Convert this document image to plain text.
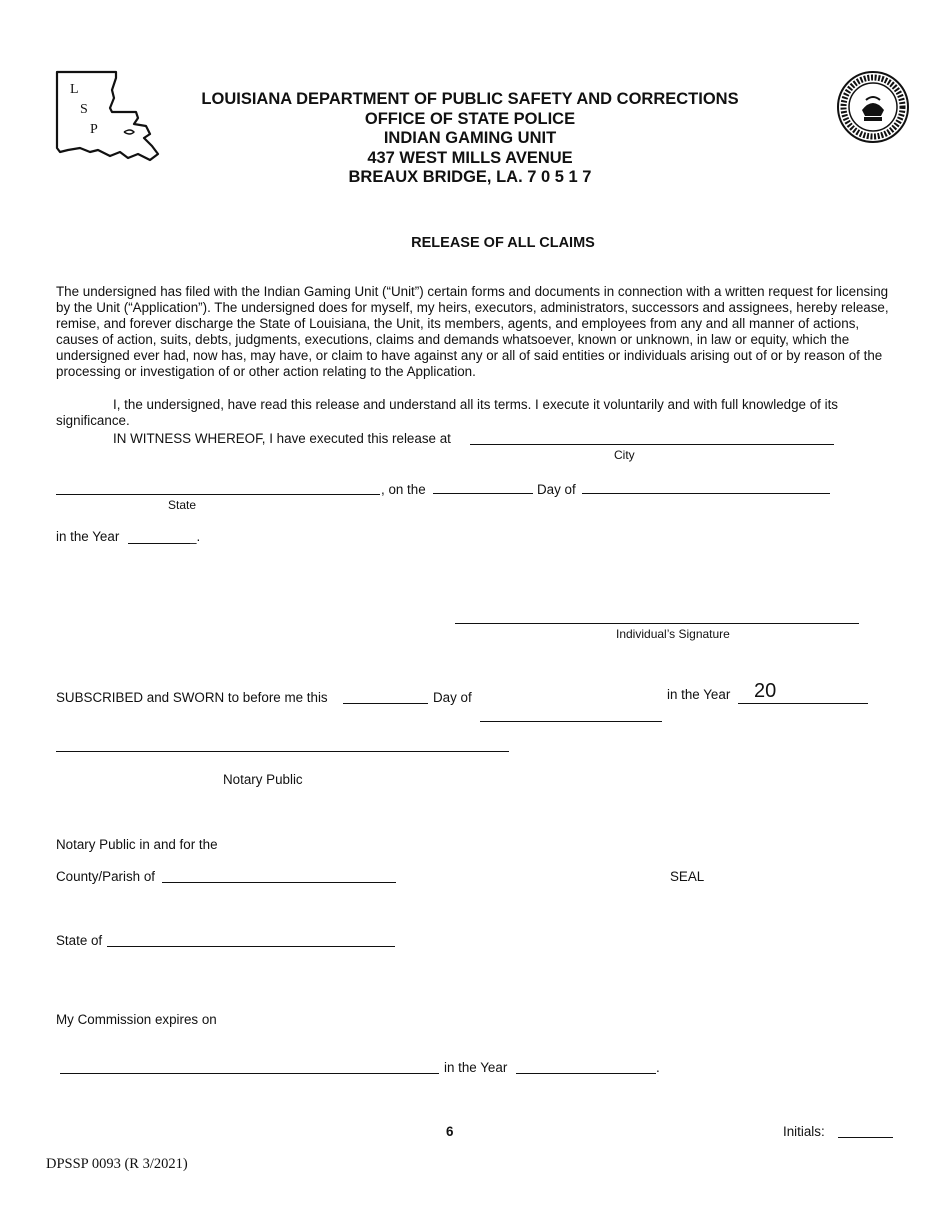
L
S
P
LOUISIANA DEPARTMENT OF PUBLIC SAFETY AND CORRECTIONS
OFFICE OF STATE POLICE
INDIAN GAMING UNIT
437 WEST MILLS AVENUE
BREAUX BRIDGE, LA. 7 0 5 1 7
RELEASE OF ALL CLAIMS
The undersigned has filed with the Indian Gaming Unit (“Unit”) certain forms and documents in connection with a written request for licensing by the Unit (“Application”). The undersigned does for myself, my heirs, executors, administrators, successors and assignees, hereby release, remise, and forever discharge the State of Louisiana, the Unit, its members, agents, and employees from any and all manner of actions, causes of action, suits, debts, judgments, executions, claims and demands whatsoever, known or unknown, in law or equity, which the undersigned ever had, now has, may have, or claim to have against any or all of said entities or individuals arising out of or by reason of the processing or investigation of or other action relating to the Application.
I, the undersigned, have read this release and understand all its terms. I execute it voluntarily and with full knowledge of its significance.
IN WITNESS WHEREOF, I have executed this release at
City
, on the	Day of
State
in the Year	_.
Individual’s Signature
SUBSCRIBED and SWORN to before me this	Day of	in the Year 20
Notary Public
Notary Public in and for the
County/Parish of	SEAL
State of
My Commission expires on
in the Year	.
6	Initials:
DPSSP 0093 (R 3/2021)
